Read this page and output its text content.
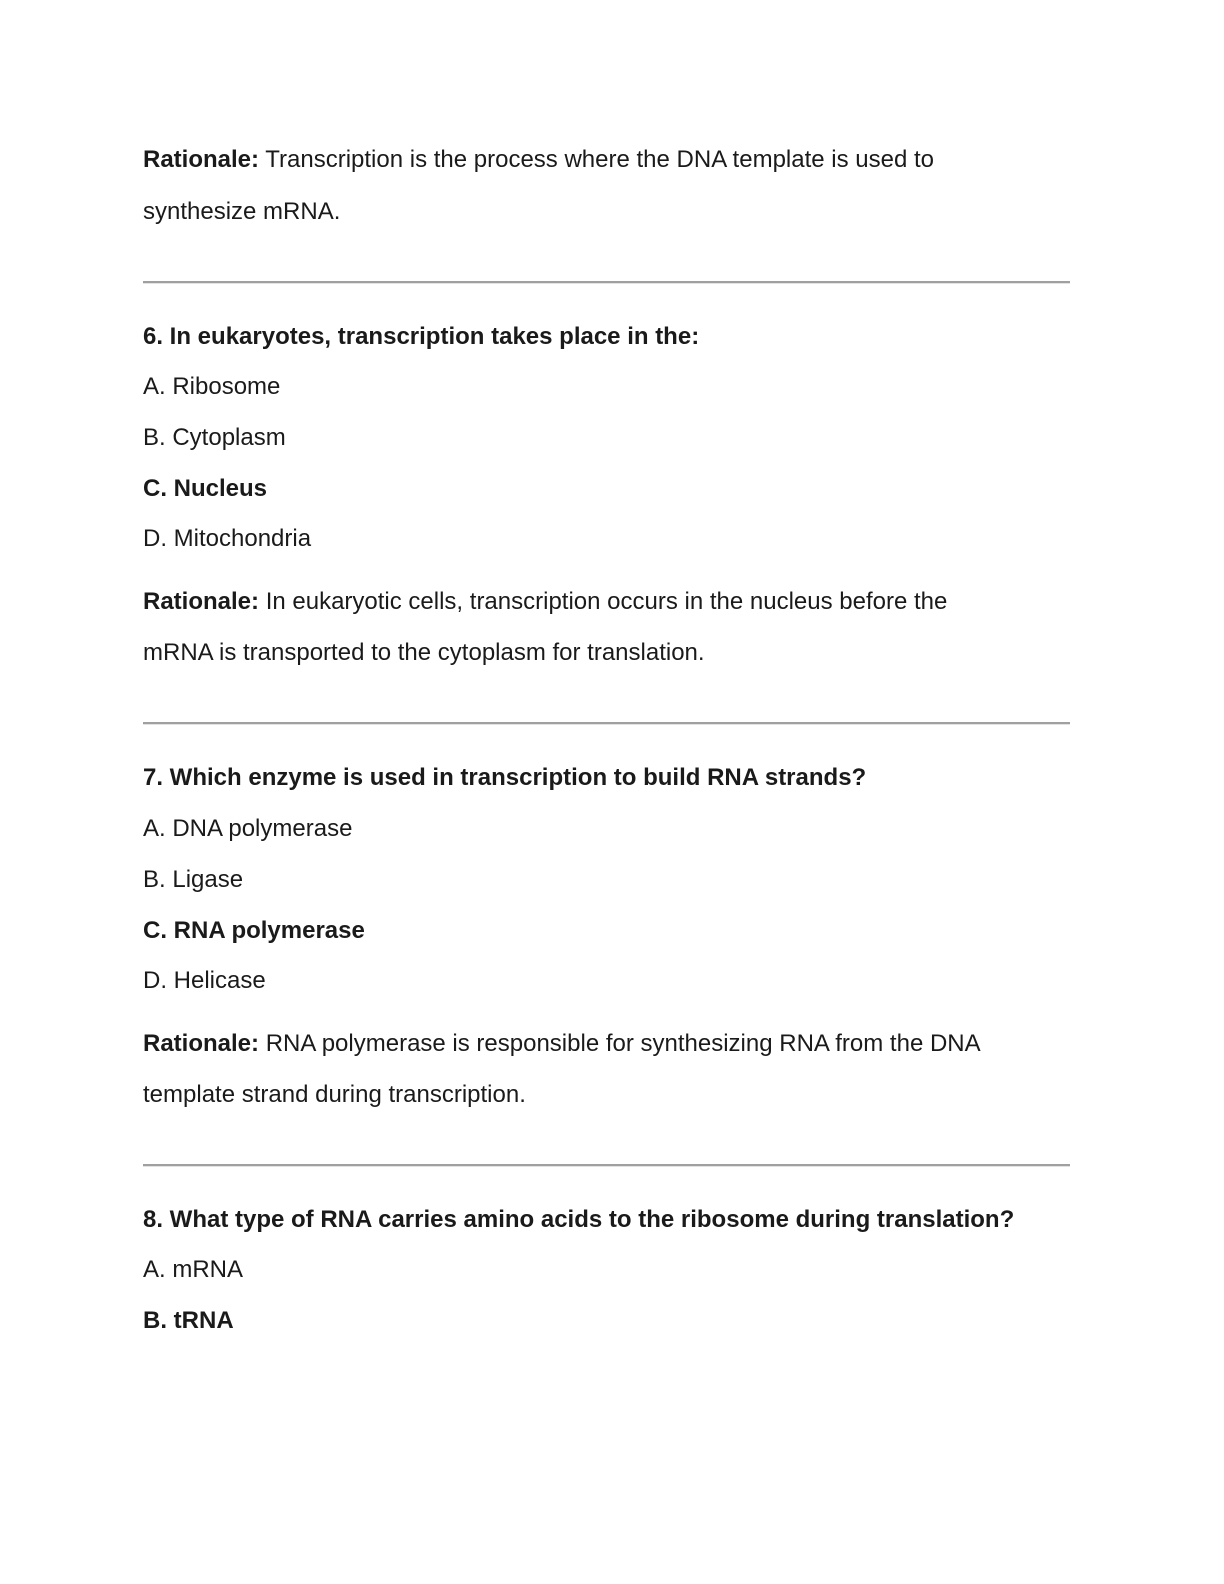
Rationale: Transcription is the process where the DNA template is used to
synthesize mRNA.
6. In eukaryotes, transcription takes place in the:
A. Ribosome
B. Cytoplasm
C. Nucleus
D. Mitochondria
Rationale: In eukaryotic cells, transcription occurs in the nucleus before the
mRNA is transported to the cytoplasm for translation.
7. Which enzyme is used in transcription to build RNA strands?
A. DNA polymerase
B. Ligase
C. RNA polymerase
D. Helicase
Rationale: RNA polymerase is responsible for synthesizing RNA from the DNA
template strand during transcription.
8. What type of RNA carries amino acids to the ribosome during translation?
A. mRNA
B. tRNA
